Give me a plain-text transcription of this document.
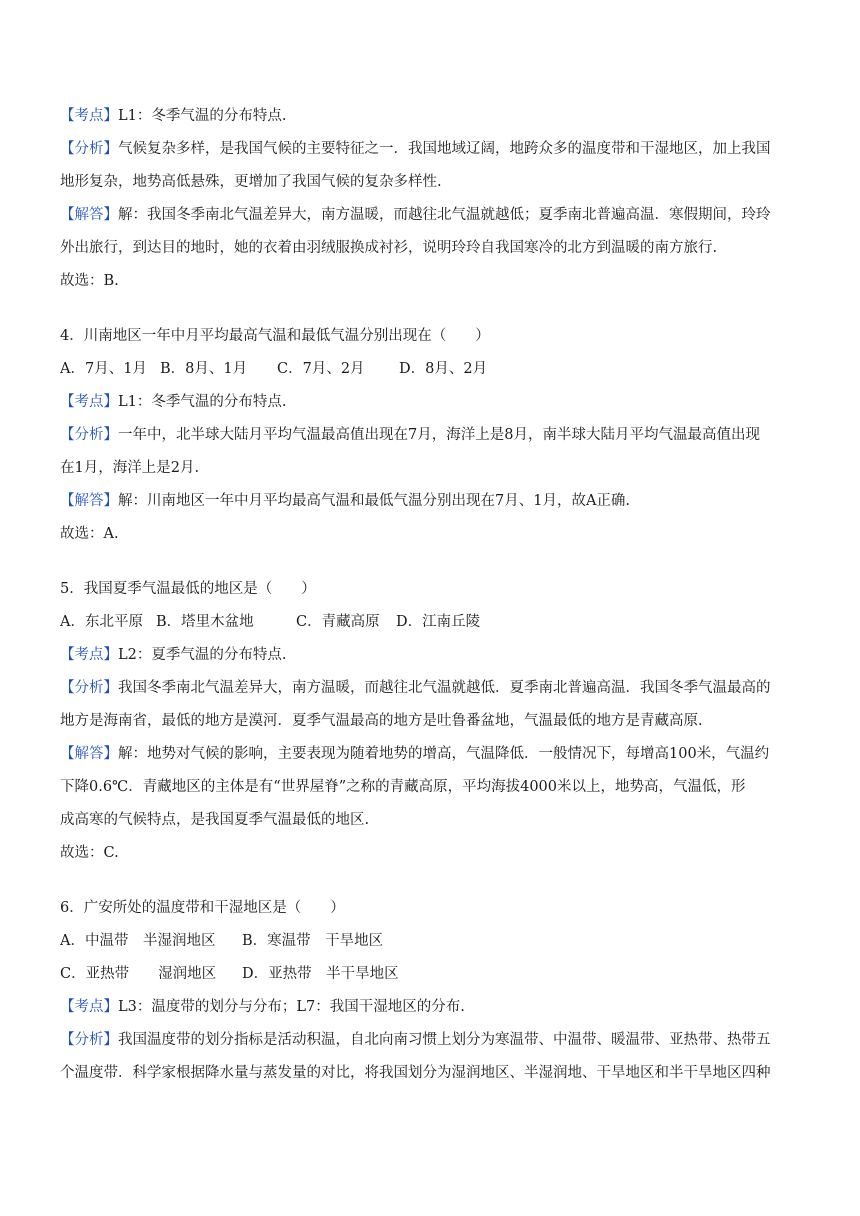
【考点】L1：冬季气温的分布特点.
【分析】气候复杂多样，是我国气候的主要特征之一．我国地域辽阔，地跨众多的温度带和干湿地区，加上我国
地形复杂，地势高低悬殊，更增加了我国气候的复杂多样性.
【解答】解：我国冬季南北气温差异大，南方温暖，而越往北气温就越低；夏季南北普遍高温．寒假期间，玲玲
外出旅行，到达目的地时，她的衣着由羽绒服换成衬衫，说明玲玲自我国寒冷的北方到温暖的南方旅行.
故选：B.
4．川南地区一年中月平均最高气温和最低气温分别出现在（　　）
A．7月、1月 B．8月、1月 C．7月、2月 D．8月、2月
【考点】L1：冬季气温的分布特点.
【分析】一年中，北半球大陆月平均气温最高值出现在7月，海洋上是8月，南半球大陆月平均气温最高值出现
在1月，海洋上是2月.
【解答】解：川南地区一年中月平均最高气温和最低气温分别出现在7月、1月，故A正确.
故选：A.
5．我国夏季气温最低的地区是（　　）
A．东北平原 B．塔里木盆地	C．青藏高原 D．江南丘陵
【考点】L2：夏季气温的分布特点.
【分析】我国冬季南北气温差异大，南方温暖，而越往北气温就越低．夏季南北普遍高温．我国冬季气温最高的
地方是海南省，最低的地方是漠河．夏季气温最高的地方是吐鲁番盆地，气温最低的地方是青藏高原.
【解答】解：地势对气候的影响，主要表现为随着地势的增高，气温降低．一般情况下，每增高100米，气温约
下降0.6℃．青藏地区的主体是有“世界屋脊”之称的青藏高原，平均海拔4000米以上，地势高，气温低，形
成高寒的气候特点，是我国夏季气温最低的地区.
故选：C.
6．广安所处的温度带和干湿地区是（　　）
A．中温带　半湿润地区 B．寒温带　干旱地区
C．亚热带　　湿润地区 D．亚热带　半干旱地区
【考点】L3：温度带的划分与分布；L7：我国干湿地区的分布.
【分析】我国温度带的划分指标是活动积温，自北向南习惯上划分为寒温带、中温带、暖温带、亚热带、热带五
个温度带．科学家根据降水量与蒸发量的对比，将我国划分为湿润地区、半湿润地、干旱地区和半干旱地区四种
